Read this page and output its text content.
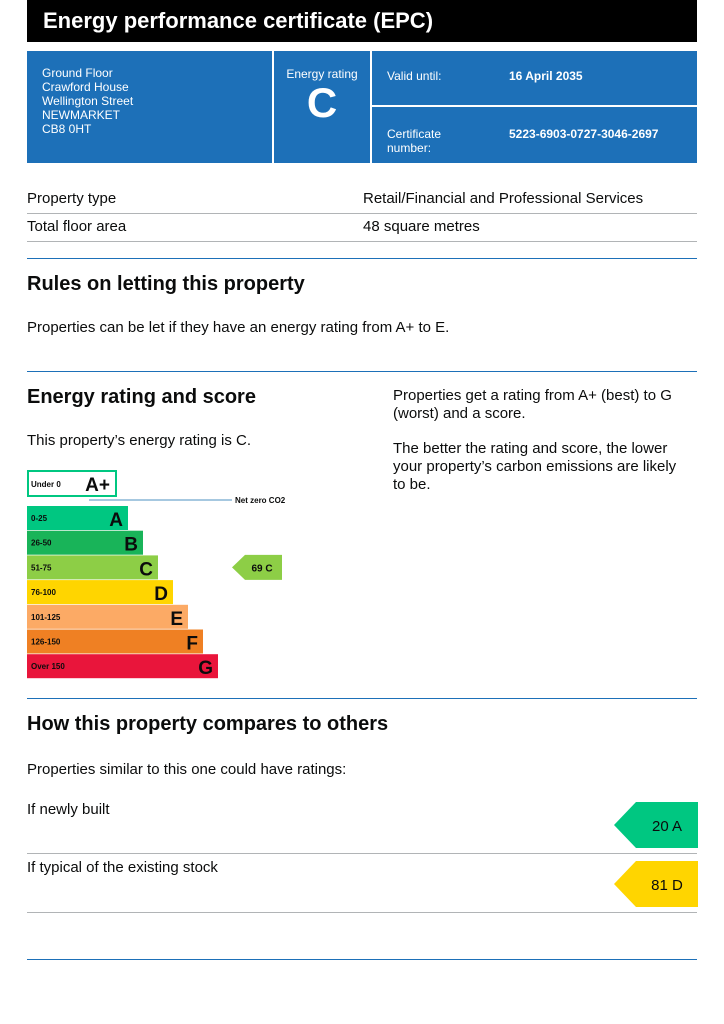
Energy performance certificate (EPC)
Ground Floor
Crawford House
Wellington Street
NEWMARKET
CB8 0HT
Energy rating
C
Valid until:	16 April 2035
Certificate
number:
5223-6903-0727-3046-2697
Property type	Retail/Financial and Professional Services
Total floor area	48 square metres
Rules on letting this property
Properties can be let if they have an energy rating from A+ to E.
Energy rating and score
This property’s energy rating is C.
Properties get a rating from A+ (best) to G
(worst) and a score.
The better the rating and score, the lower
your property’s carbon emissions are likely
to be.
Under 0 A+
Net zero CO2
0-25	A
26-50	B
51-75	C
76-100	D
101-125	E
126-150	F
Over 150	G
69 C
How this property compares to others
Properties similar to this one could have ratings:
If newly built
20 A
If typical of the existing stock
81 D
